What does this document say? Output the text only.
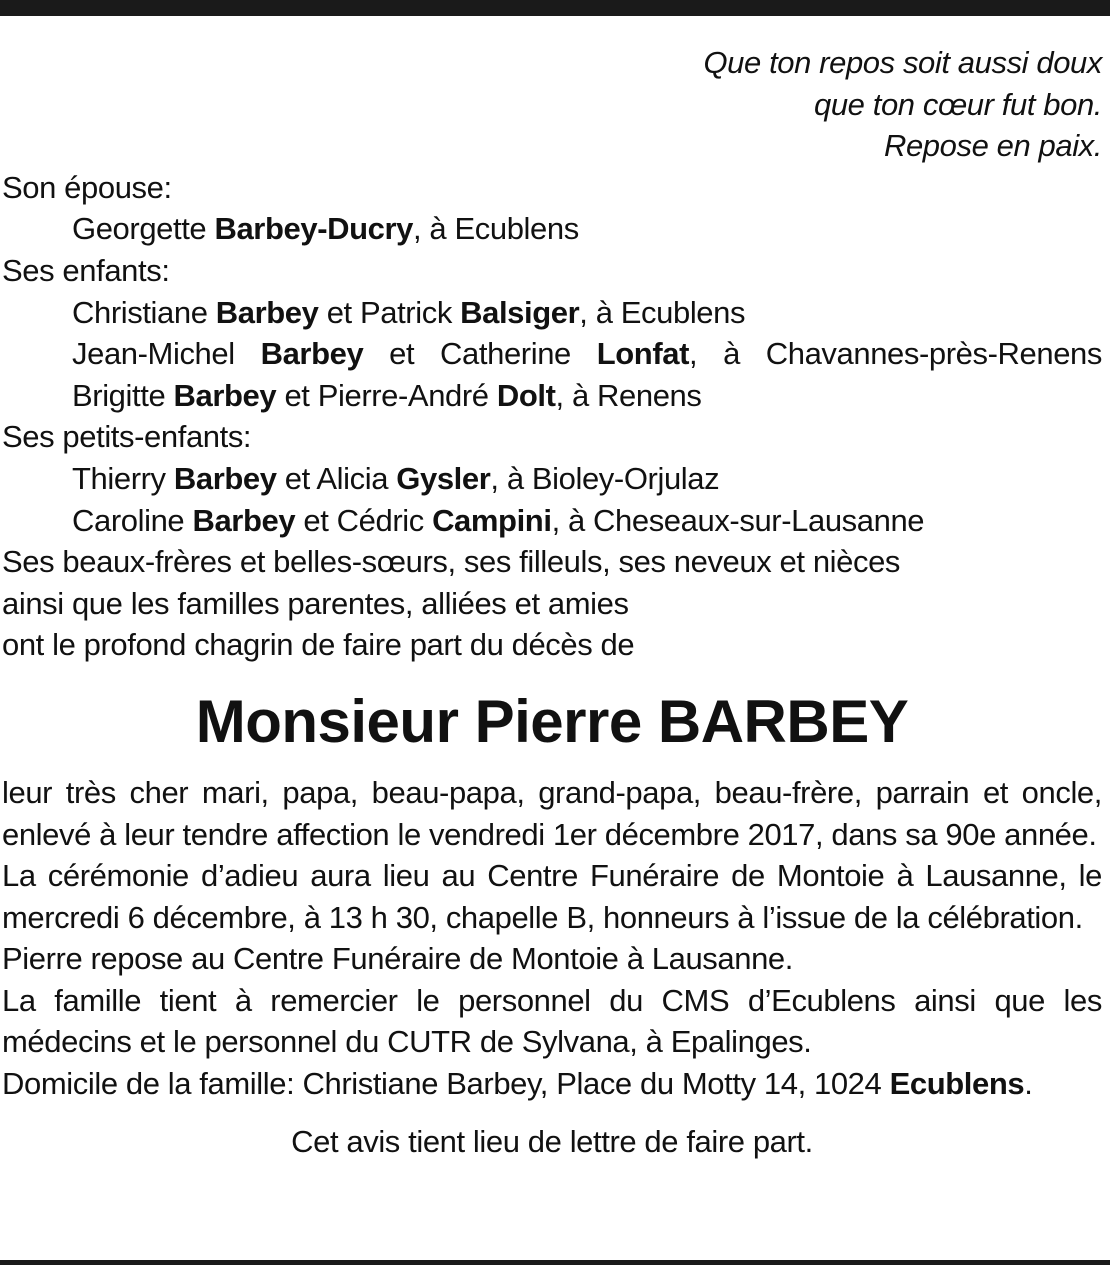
Que ton repos soit aussi doux
que ton cœur fut bon.
Repose en paix.
Son épouse:
Georgette Barbey-Ducry, à Ecublens
Ses enfants:
Christiane Barbey et Patrick Balsiger, à Ecublens
Jean-Michel Barbey et Catherine Lonfat, à Chavannes-près-Renens
Brigitte Barbey et Pierre-André Dolt, à Renens
Ses petits-enfants:
Thierry Barbey et Alicia Gysler, à Bioley-Orjulaz
Caroline Barbey et Cédric Campini, à Cheseaux-sur-Lausanne
Ses beaux-frères et belles-sœurs, ses filleuls, ses neveux et nièces
ainsi que les familles parentes, alliées et amies
ont le profond chagrin de faire part du décès de
Monsieur Pierre BARBEY
leur très cher mari, papa, beau-papa, grand-papa, beau-frère, parrain et oncle, enlevé à leur tendre affection le vendredi 1er décembre 2017, dans sa 90e année.
La cérémonie d’adieu aura lieu au Centre Funéraire de Montoie à Lausanne, le mercredi 6 décembre, à 13 h 30, chapelle B, honneurs à l’issue de la célébration.
Pierre repose au Centre Funéraire de Montoie à Lausanne.
La famille tient à remercier le personnel du CMS d’Ecublens ainsi que les médecins et le personnel du CUTR de Sylvana, à Epalinges.
Domicile de la famille: Christiane Barbey, Place du Motty 14, 1024 Ecublens.
Cet avis tient lieu de lettre de faire part.
